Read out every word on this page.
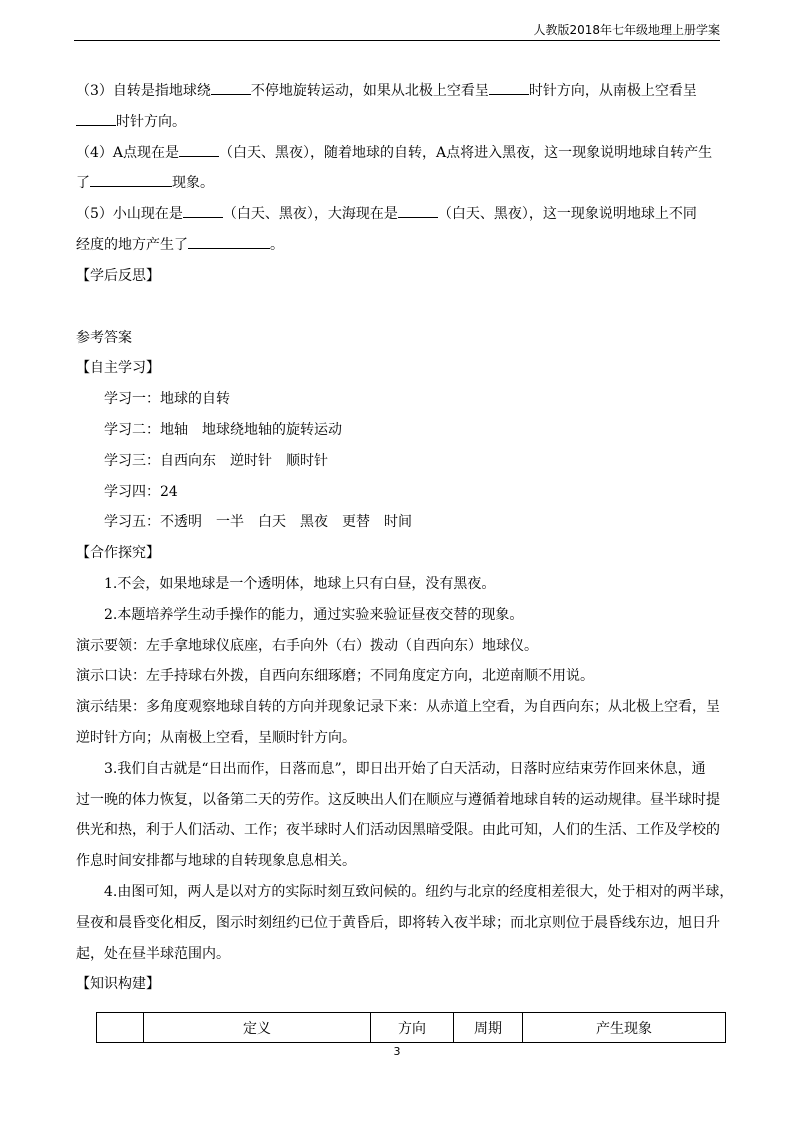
人教版2018年七年级地理上册学案

（3）自转是指地球绕	不停地旋转运动，如果从北极上空看呈	时针方向，从南极上空看呈

时针方向。

（4）A点现在是	（白天、黑夜），随着地球的自转，A点将进入黑夜，这一现象说明地球自转产生

了	现象。

（5）小山现在是	（白天、黑夜），大海现在是	（白天、黑夜），这一现象说明地球上不同

经度的地方产生了	。

【学后反思】

参考答案

【自主学习】

学习一：地球的自转

学习二：地轴　地球绕地轴的旋转运动

学习三：自西向东　逆时针　顺时针

学习四：24

学习五：不透明　一半　白天　黑夜　更替　时间

【合作探究】

1.不会，如果地球是一个透明体，地球上只有白昼，没有黑夜。

2.本题培养学生动手操作的能力，通过实验来验证昼夜交替的现象。

演示要领：左手拿地球仪底座，右手向外（右）拨动（自西向东）地球仪。

演示口诀：左手持球右外拨，自西向东细琢磨；不同角度定方向，北逆南顺不用说。

演示结果：多角度观察地球自转的方向并现象记录下来：从赤道上空看，为自西向东；从北极上空看，呈

逆时针方向；从南极上空看，呈顺时针方向。

3.我们自古就是“日出而作，日落而息”，即日出开始了白天活动，日落时应结束劳作回来休息，通

过一晚的体力恢复，以备第二天的劳作。这反映出人们在顺应与遵循着地球自转的运动规律。昼半球时提

供光和热，利于人们活动、工作；夜半球时人们活动因黑暗受限。由此可知，人们的生活、工作及学校的

作息时间安排都与地球的自转现象息息相关。

4.由图可知，两人是以对方的实际时刻互致问候的。纽约与北京的经度相差很大，处于相对的两半球，

昼夜和晨昏变化相反，图示时刻纽约已位于黄昏后，即将转入夜半球；而北京则位于晨昏线东边，旭日升

起，处在昼半球范围内。

【知识构建】

	定义	方向	周期	产生现象
3
